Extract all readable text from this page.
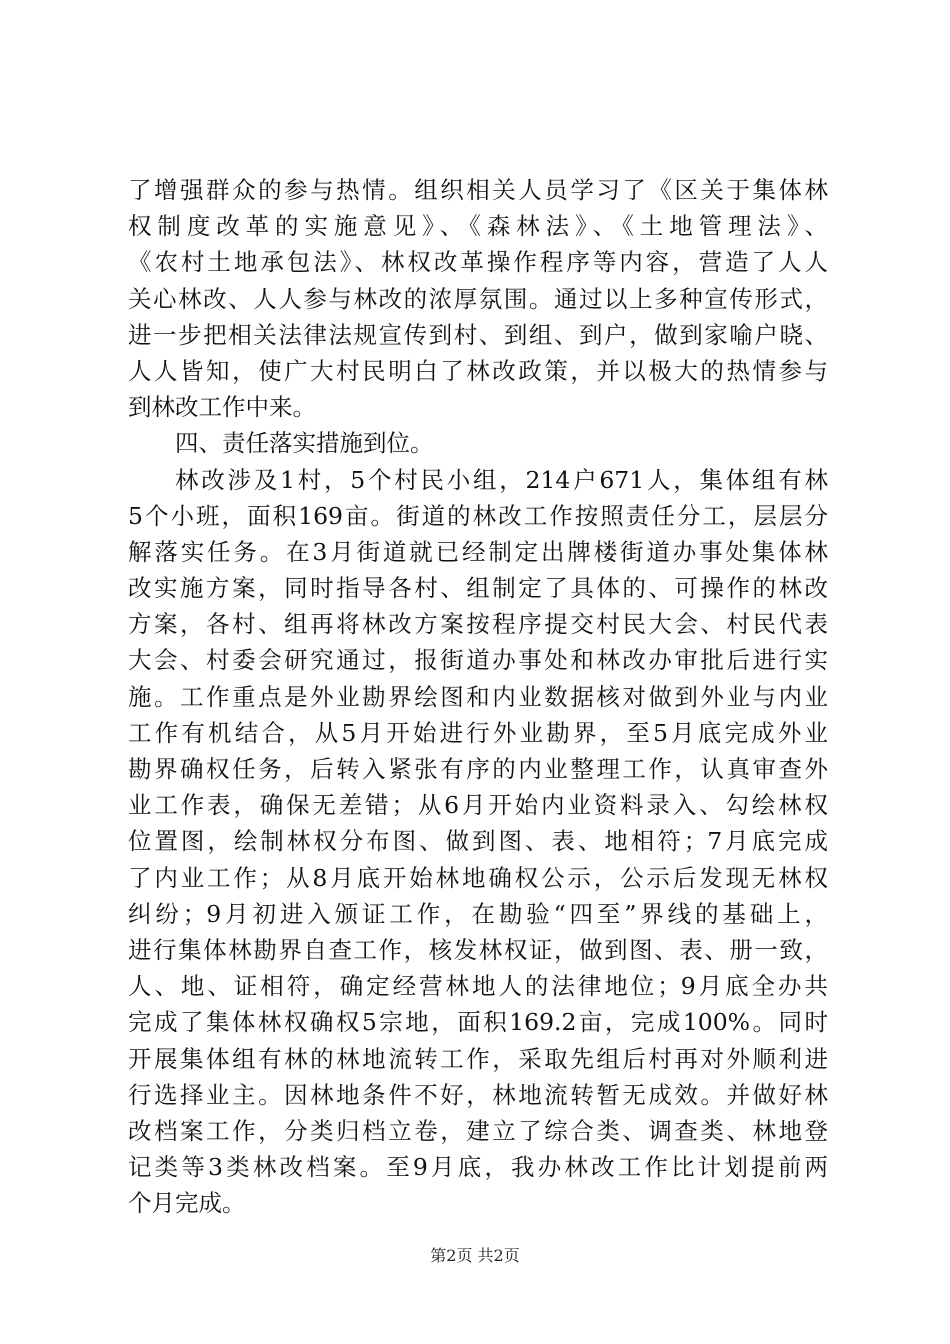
了增强群众的参与热情。组织相关人员学习了《区关于集体林
权制度改革的实施意见》、《森林法》、《土地管理法》、
《农村土地承包法》、林权改革操作程序等内容，营造了人人
关心林改、人人参与林改的浓厚氛围。通过以上多种宣传形式，
进一步把相关法律法规宣传到村、到组、到户，做到家喻户晓、
人人皆知，使广大村民明白了林改政策，并以极大的热情参与
到林改工作中来。
四、责任落实措施到位。
林改涉及1村，5个村民小组，214户671人，集体组有林
5个小班，面积169亩。街道的林改工作按照责任分工，层层分
解落实任务。在3月街道就已经制定出牌楼街道办事处集体林
改实施方案，同时指导各村、组制定了具体的、可操作的林改
方案，各村、组再将林改方案按程序提交村民大会、村民代表
大会、村委会研究通过，报街道办事处和林改办审批后进行实
施。工作重点是外业勘界绘图和内业数据核对做到外业与内业
工作有机结合，从5月开始进行外业勘界，至5月底完成外业
勘界确权任务，后转入紧张有序的内业整理工作，认真审查外
业工作表，确保无差错；从6月开始内业资料录入、勾绘林权
位置图，绘制林权分布图、做到图、表、地相符；7月底完成
了内业工作；从8月底开始林地确权公示，公示后发现无林权
纠纷；9月初进入颁证工作，在勘验“四至”界线的基础上，
进行集体林勘界自查工作，核发林权证，做到图、表、册一致，
人、地、证相符，确定经营林地人的法律地位；9月底全办共
完成了集体林权确权5宗地，面积169.2亩，完成100%。同时
开展集体组有林的林地流转工作，采取先组后村再对外顺利进
行选择业主。因林地条件不好，林地流转暂无成效。并做好林
改档案工作，分类归档立卷，建立了综合类、调查类、林地登
记类等3类林改档案。至9月底，我办林改工作比计划提前两
个月完成。
第2页 共2页
